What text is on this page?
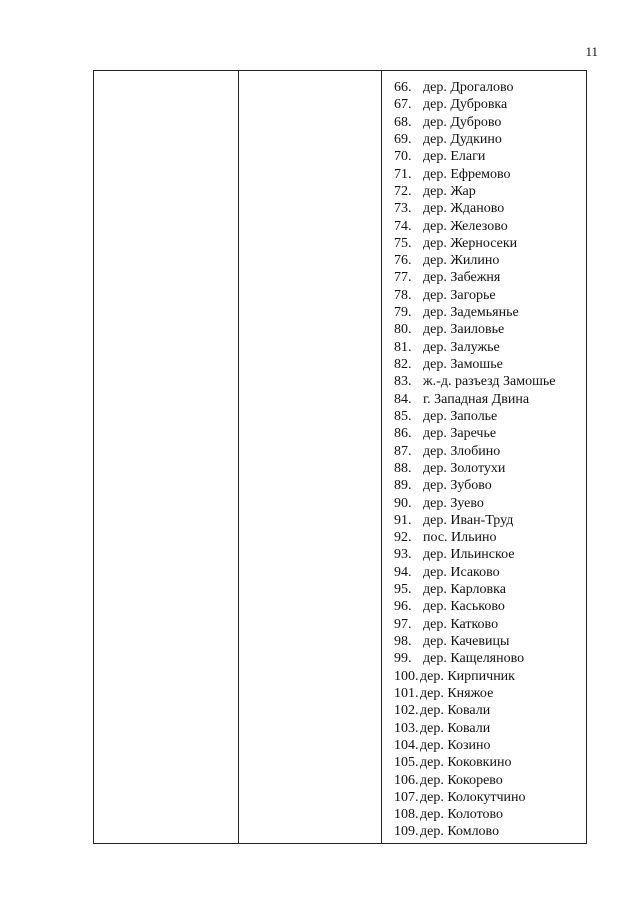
11
66. дер. Дрогалово
67. дер. Дубровка
68. дер. Дуброво
69. дер. Дудкино
70. дер. Елаги
71. дер. Ефремово
72. дер. Жар
73. дер. Жданово
74. дер. Железово
75. дер. Жерносеки
76. дер. Жилино
77. дер. Забежня
78. дер. Загорье
79. дер. Задемьянье
80. дер. Заиловье
81. дер. Залужье
82. дер. Замошье
83. ж.-д. разъезд Замошье
84. г. Западная Двина
85. дер. Заполье
86. дер. Заречье
87. дер. Злобино
88. дер. Золотухи
89. дер. Зубово
90. дер. Зуево
91. дер. Иван-Труд
92. пос. Ильино
93. дер. Ильинское
94. дер. Исаково
95. дер. Карловка
96. дер. Каськово
97. дер. Катково
98. дер. Качевицы
99. дер. Кащеляново
100. дер. Кирпичник
101. дер. Княжое
102. дер. Ковали
103. дер. Ковали
104. дер. Козино
105. дер. Коковкино
106. дер. Кокорево
107. дер. Колокутчино
108. дер. Колотово
109. дер. Комлово
